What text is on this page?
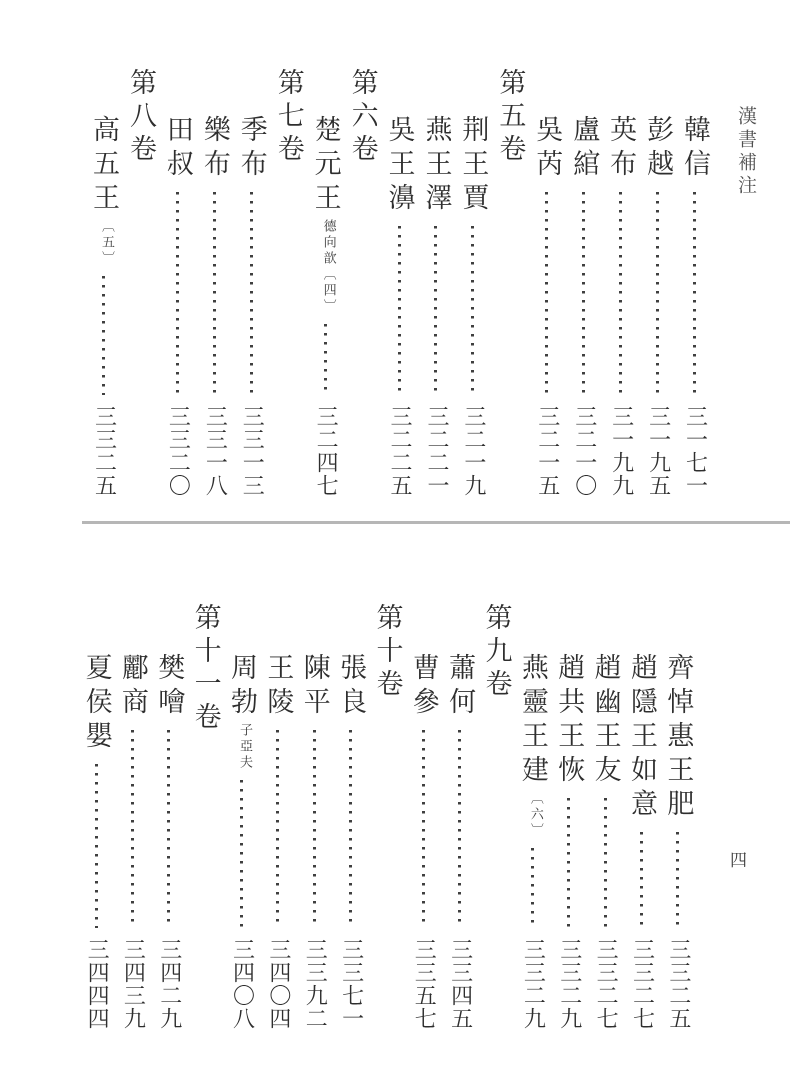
漢書補注
韓信
三一七一
彭越
三一九五
英布
三一九九
盧綰
三二一〇
吳芮
三二一五
第五卷
荆王賈
三二一九
燕王澤
三二二一
吳王濞
三二二五
第六卷
楚元王
德向歆〔四〕
三二四七
第七卷
季布
三三一三
樂布
三三一八
田叔
三三二〇
第八卷
高五王
〔五〕
三三二五
四
齊悼惠王肥
三三二五
趙隱王如意
三三二七
趙幽王友
三三二七
趙共王恢
三三二九
燕靈王建
〔六〕
三三二九
第九卷
蕭何
三三四五
曹參
三三五七
第十卷
張良
三三七一
陳平
三三九二
王陵
三四〇四
周勃
子亞夫
三四〇八
第十一卷
樊噲
三四二九
酈商
三四三九
夏侯嬰
三四四四
